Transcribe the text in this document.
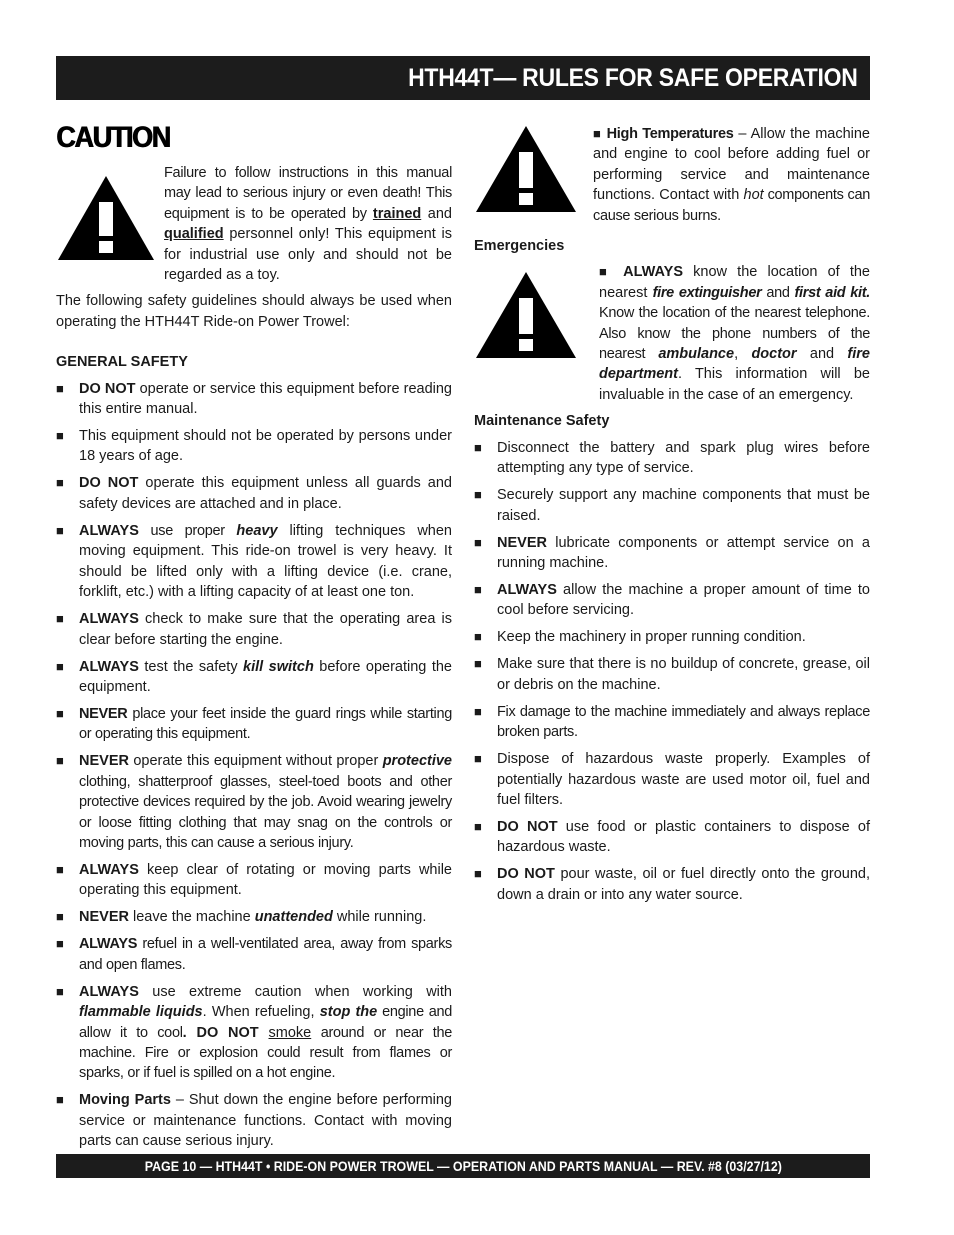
HTH44T— RULES FOR SAFE OPERATION
CAUTION

Failure to follow instructions in this manual may lead to serious injury or even death! This equipment is to be operated by trained and qualified personnel only! This equipment is for industrial use only and should not be regarded as a toy.

The following safety guidelines should always be used when operating the HTH44T Ride-on Power Trowel:

GENERAL SAFETY
■	DO NOT operate or service this equipment before reading this entire manual.
■	This equipment should not be operated by persons under 18 years of age.
■	DO NOT operate this equipment unless all guards and safety devices are attached and in place.
■	ALWAYS use proper heavy lifting techniques when moving equipment. This ride-on trowel is very heavy. It should be lifted only with a lifting device (i.e. crane, forklift, etc.) with a lifting capacity of at least one ton.
■	ALWAYS check to make sure that the operating area is clear before starting the engine.
■	ALWAYS test the safety kill switch before operating the equipment.
■	NEVER place your feet inside the guard rings while starting or operating this equipment.
■	NEVER operate this equipment without proper protective clothing, shatterproof glasses, steel-toed boots and other protective devices required by the job. Avoid wearing jewelry or loose fitting clothing that may snag on the controls or moving parts, this can cause a serious injury.
■	ALWAYS keep clear of rotating or moving parts while operating this equipment.
■	NEVER leave the machine unattended while running.
■	ALWAYS refuel in a well-ventilated area, away from sparks and open flames.
■	ALWAYS use extreme caution when working with flammable liquids. When refueling, stop the engine and allow it to cool. DO NOT smoke around or near the machine. Fire or explosion could result from flames or sparks, or if fuel is spilled on a hot engine.
■	Moving Parts – Shut down the engine before performing service or maintenance functions. Contact with moving parts can cause serious injury.

■ High Temperatures – Allow the machine and engine to cool before adding fuel or performing service and maintenance functions. Contact with hot components can cause serious burns.

Emergencies

■ ALWAYS know the location of the nearest fire extinguisher and first aid kit. Know the location of the nearest telephone. Also know the phone numbers of the nearest ambulance, doctor and fire department. This information will be invaluable in the case of an emergency.

Maintenance Safety
■	Disconnect the battery and spark plug wires before attempting any type of service.
■	Securely support any machine components that must be raised.
■	NEVER lubricate components or attempt service on a running machine.
■	ALWAYS allow the machine a proper amount of time to cool before servicing.
■	Keep the machinery in proper running condition.
■	Make sure that there is no buildup of concrete, grease, oil or debris on the machine.
■	Fix damage to the machine immediately and always replace broken parts.
■	Dispose of hazardous waste properly. Examples of potentially hazardous waste are used motor oil, fuel and fuel filters.
■	DO NOT use food or plastic containers to dispose of hazardous waste.
■	DO NOT pour waste, oil or fuel directly onto the ground, down a drain or into any water source.
PAGE 10 — HTH44T • RIDE-ON POWER TROWEL — OPERATION AND PARTS MANUAL — REV. #8 (03/27/12)
